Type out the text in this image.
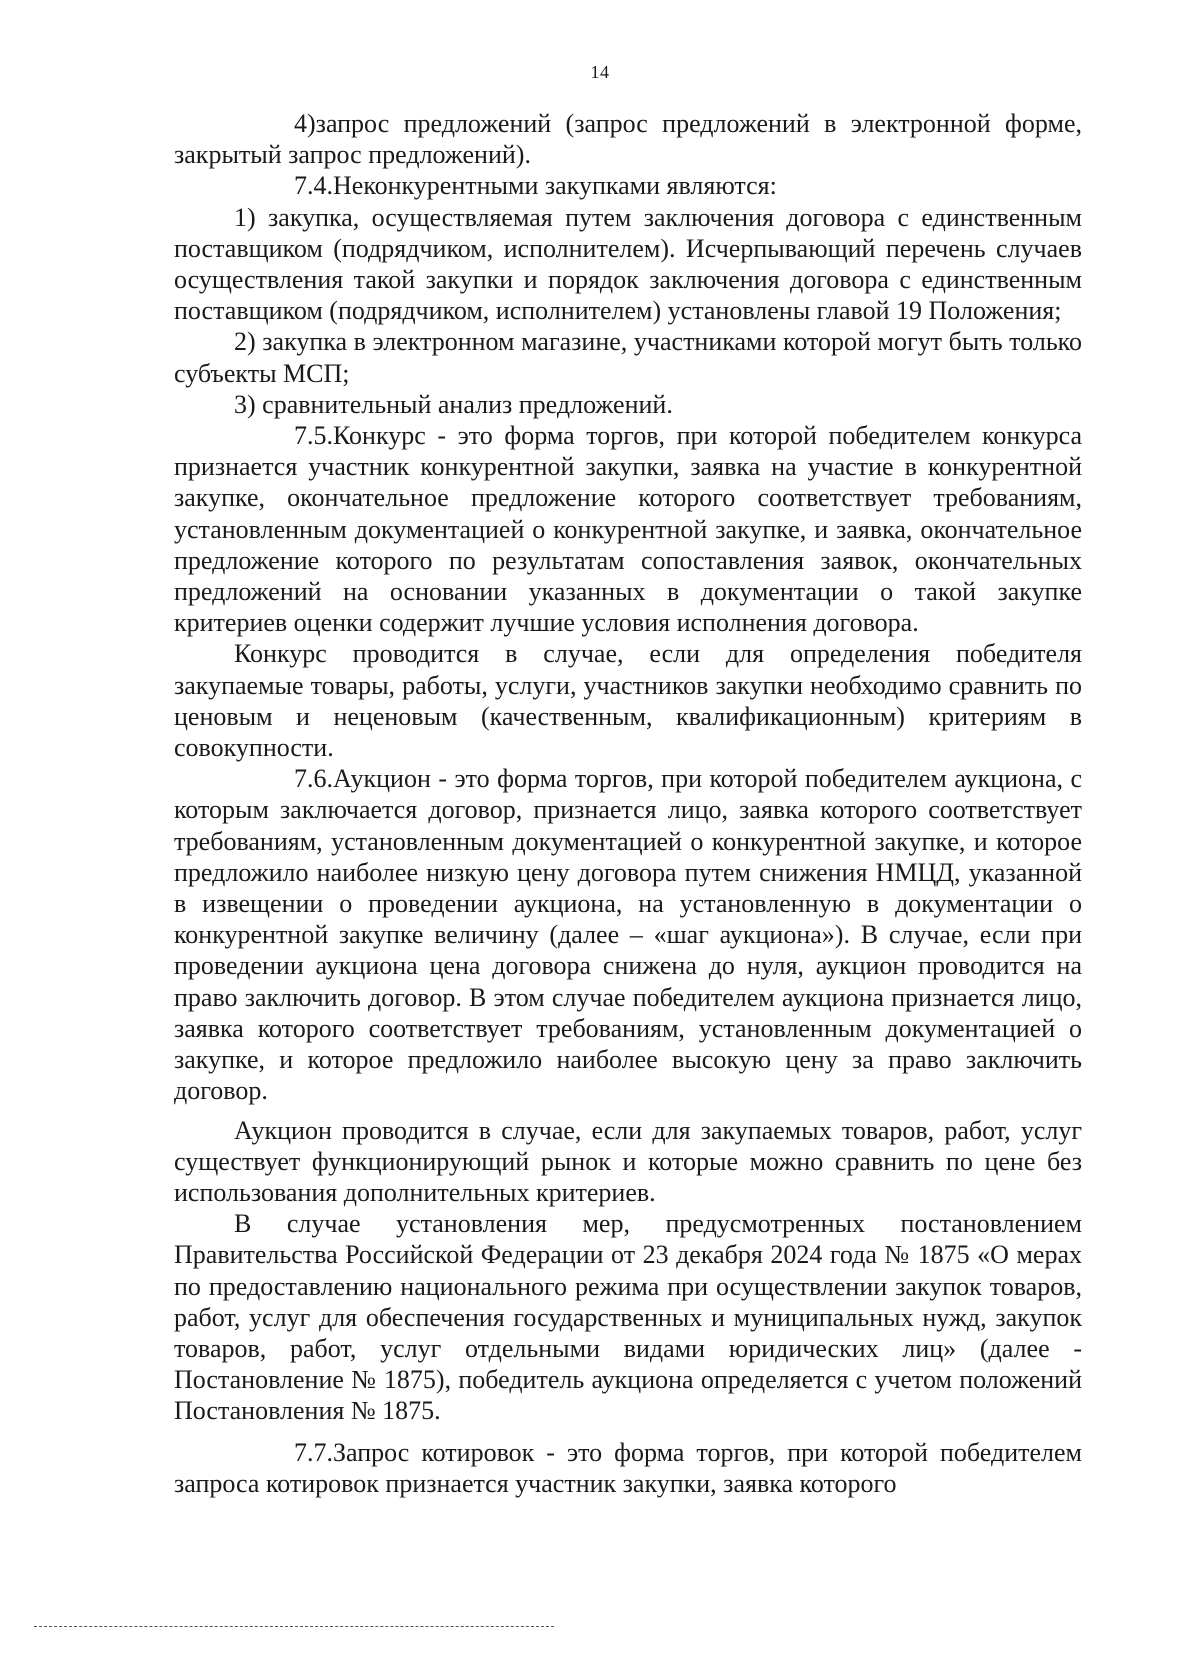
14

4)запрос предложений (запрос предложений в электронной форме, закрытый запрос предложений).

7.4.Неконкурентными закупками являются:

1) закупка, осуществляемая путем заключения договора с единственным поставщиком (подрядчиком, исполнителем). Исчерпывающий перечень случаев осуществления такой закупки и порядок заключения договора с единственным поставщиком (подрядчиком, исполнителем) установлены главой 19 Положения;

2) закупка в электронном магазине, участниками которой могут быть только субъекты МСП;

3) сравнительный анализ предложений.

7.5.Конкурс - это форма торгов, при которой победителем конкурса признается участник конкурентной закупки, заявка на участие в конкурентной закупке, окончательное предложение которого соответствует требованиям, установленным документацией о конкурентной закупке, и заявка, окончательное предложение которого по результатам сопоставления заявок, окончательных предложений на основании указанных в документации о такой закупке критериев оценки содержит лучшие условия исполнения договора.

Конкурс проводится в случае, если для определения победителя закупаемые товары, работы, услуги, участников закупки необходимо сравнить по ценовым и неценовым (качественным, квалификационным) критериям в совокупности.

7.6.Аукцион - это форма торгов, при которой победителем аукциона, с которым заключается договор, признается лицо, заявка которого соответствует требованиям, установленным документацией о конкурентной закупке, и которое предложило наиболее низкую цену договора путем снижения НМЦД, указанной в извещении о проведении аукциона, на установленную в документации о конкурентной закупке величину (далее – «шаг аукциона»). В случае, если при проведении аукциона цена договора снижена до нуля, аукцион проводится на право заключить договор. В этом случае победителем аукциона признается лицо, заявка которого соответствует требованиям, установленным документацией о закупке, и которое предложило наиболее высокую цену за право заключить договор.

Аукцион проводится в случае, если для закупаемых товаров, работ, услуг существует функционирующий рынок и которые можно сравнить по цене без использования дополнительных критериев.

В случае установления мер, предусмотренных постановлением Правительства Российской Федерации от 23 декабря 2024 года № 1875 «О мерах по предоставлению национального режима при осуществлении закупок товаров, работ, услуг для обеспечения государственных и муниципальных нужд, закупок товаров, работ, услуг отдельными видами юридических лиц» (далее - Постановление № 1875), победитель аукциона определяется с учетом положений Постановления № 1875.

7.7.Запрос котировок - это форма торгов, при которой победителем запроса котировок признается участник закупки, заявка которого
